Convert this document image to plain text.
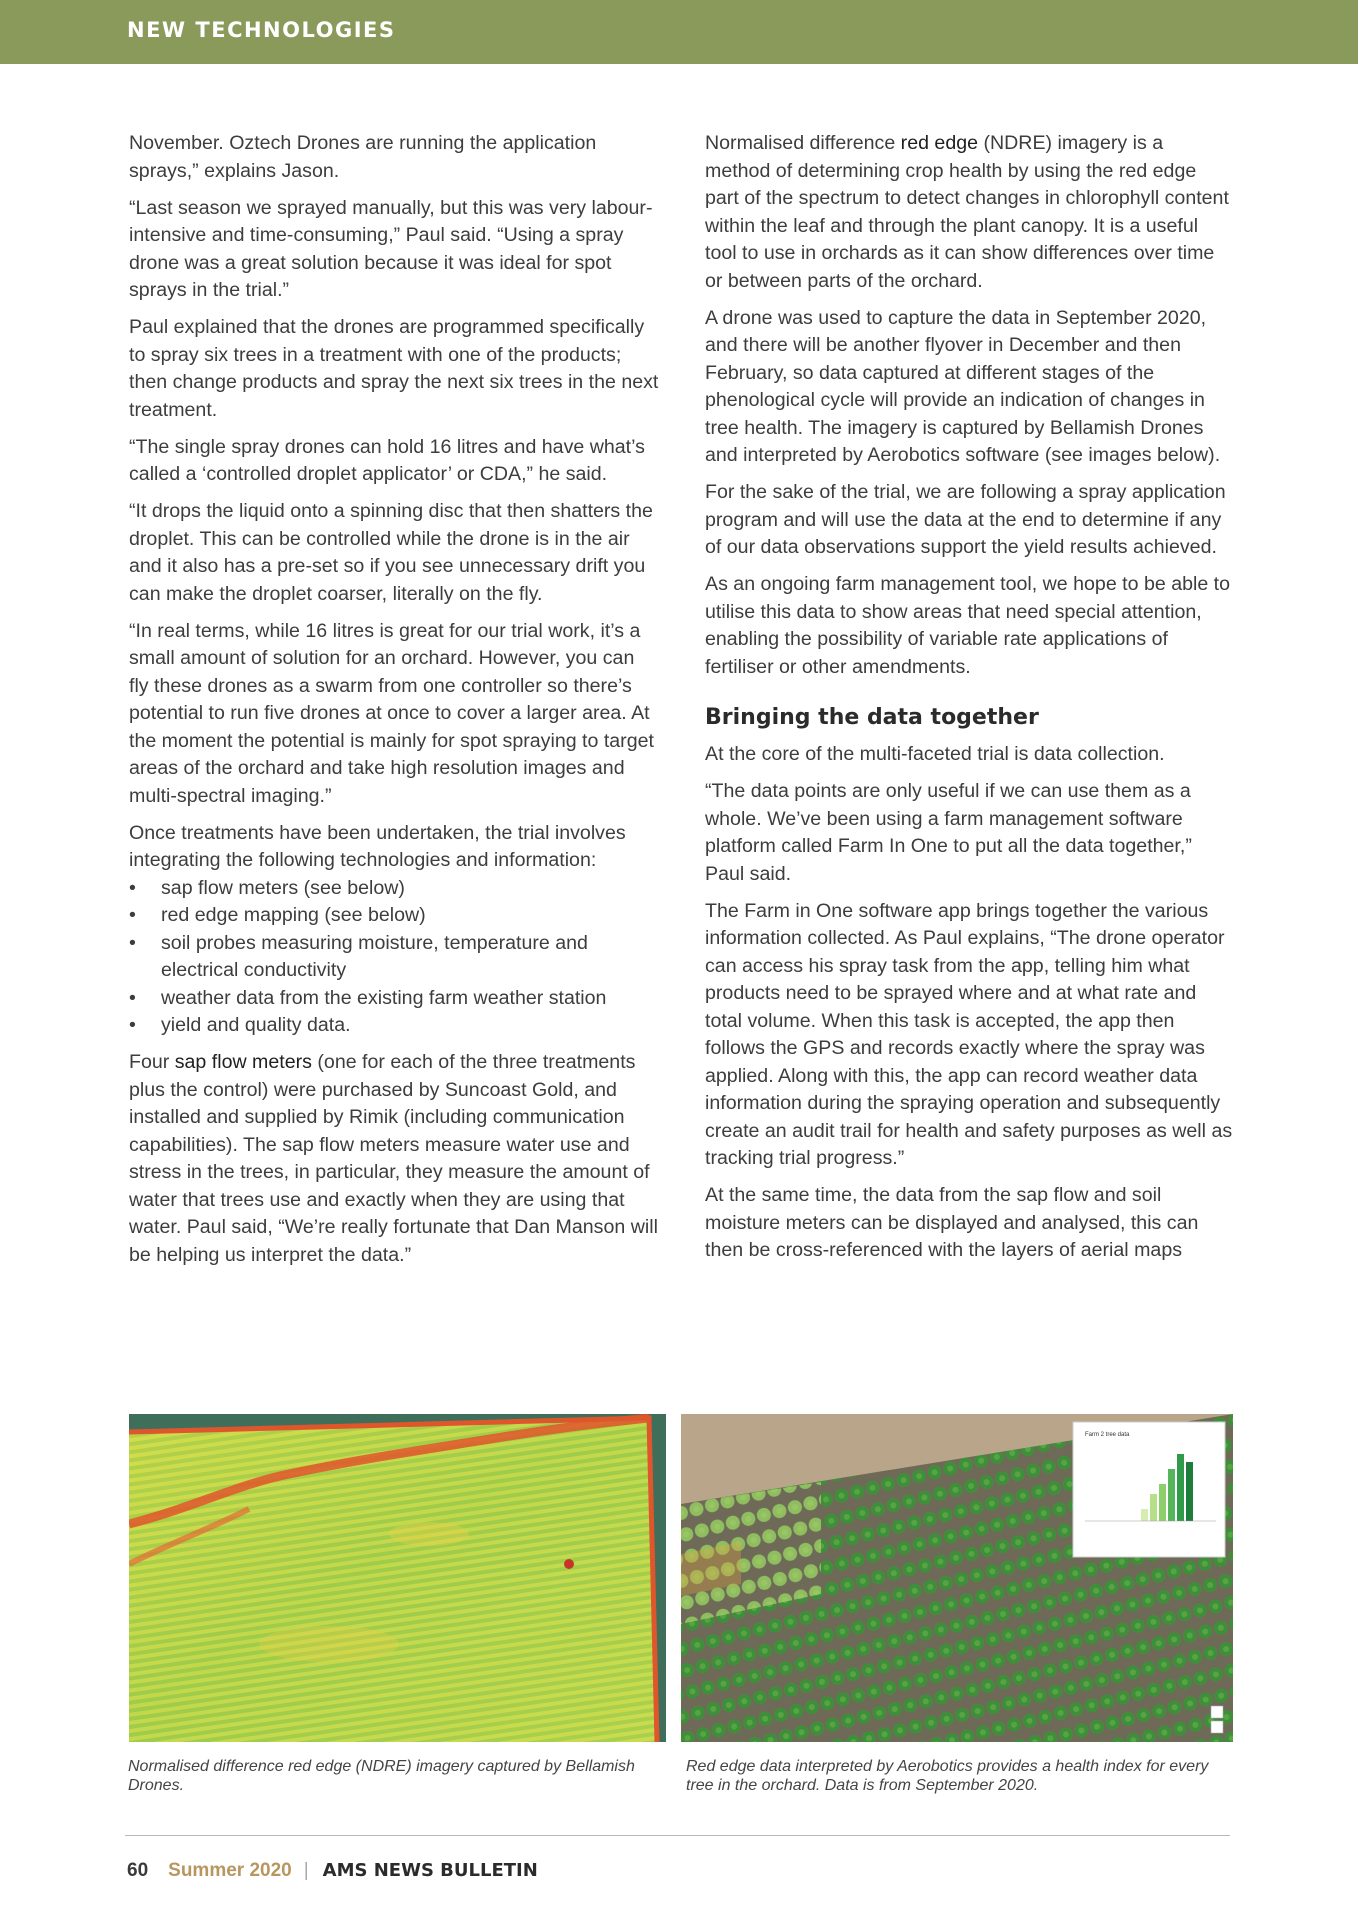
NEW TECHNOLOGIES

November. Oztech Drones are running the application sprays,” explains Jason.

“Last season we sprayed manually, but this was very labour-intensive and time-consuming,” Paul said. “Using a spray drone was a great solution because it was ideal for spot sprays in the trial.”

Paul explained that the drones are programmed specifically to spray six trees in a treatment with one of the products; then change products and spray the next six trees in the next treatment.

“The single spray drones can hold 16 litres and have what’s called a ‘controlled droplet applicator’ or CDA,” he said.

“It drops the liquid onto a spinning disc that then shatters the droplet. This can be controlled while the drone is in the air and it also has a pre-set so if you see unnecessary drift you can make the droplet coarser, literally on the fly.

“In real terms, while 16 litres is great for our trial work, it’s a small amount of solution for an orchard. However, you can fly these drones as a swarm from one controller so there’s potential to run five drones at once to cover a larger area. At the moment the potential is mainly for spot spraying to target areas of the orchard and take high resolution images and multi-spectral imaging.”

Once treatments have been undertaken, the trial involves integrating the following technologies and information:

• sap flow meters (see below)
• red edge mapping (see below)
• soil probes measuring moisture, temperature and electrical conductivity
• weather data from the existing farm weather station
• yield and quality data.

Four sap flow meters (one for each of the three treatments plus the control) were purchased by Suncoast Gold, and installed and supplied by Rimik (including communication capabilities). The sap flow meters measure water use and stress in the trees, in particular, they measure the amount of water that trees use and exactly when they are using that water. Paul said, “We’re really fortunate that Dan Manson will be helping us interpret the data.”

Normalised difference red edge (NDRE) imagery is a method of determining crop health by using the red edge part of the spectrum to detect changes in chlorophyll content within the leaf and through the plant canopy. It is a useful tool to use in orchards as it can show differences over time or between parts of the orchard.

A drone was used to capture the data in September 2020, and there will be another flyover in December and then February, so data captured at different stages of the phenological cycle will provide an indication of changes in tree health. The imagery is captured by Bellamish Drones and interpreted by Aerobotics software (see images below).

For the sake of the trial, we are following a spray application program and will use the data at the end to determine if any of our data observations support the yield results achieved.

As an ongoing farm management tool, we hope to be able to utilise this data to show areas that need special attention, enabling the possibility of variable rate applications of fertiliser or other amendments.

Bringing the data together

At the core of the multi-faceted trial is data collection.

“The data points are only useful if we can use them as a whole. We’ve been using a farm management software platform called Farm In One to put all the data together,” Paul said.

The Farm in One software app brings together the various information collected. As Paul explains, “The drone operator can access his spray task from the app, telling him what products need to be sprayed where and at what rate and total volume. When this task is accepted, the app then follows the GPS and records exactly where the spray was applied. Along with this, the app can record weather data information during the spraying operation and subsequently create an audit trail for health and safety purposes as well as tracking trial progress.”

At the same time, the data from the sap flow and soil moisture meters can be displayed and analysed, this can then be cross-referenced with the layers of aerial maps

Farm 2 tree data
Normalised difference red edge (NDRE) imagery captured by Bellamish Drones.
Red edge data interpreted by Aerobotics provides a health index for every tree in the orchard. Data is from September 2020.
60 Summer 2020 | AMS NEWS BULLETIN
